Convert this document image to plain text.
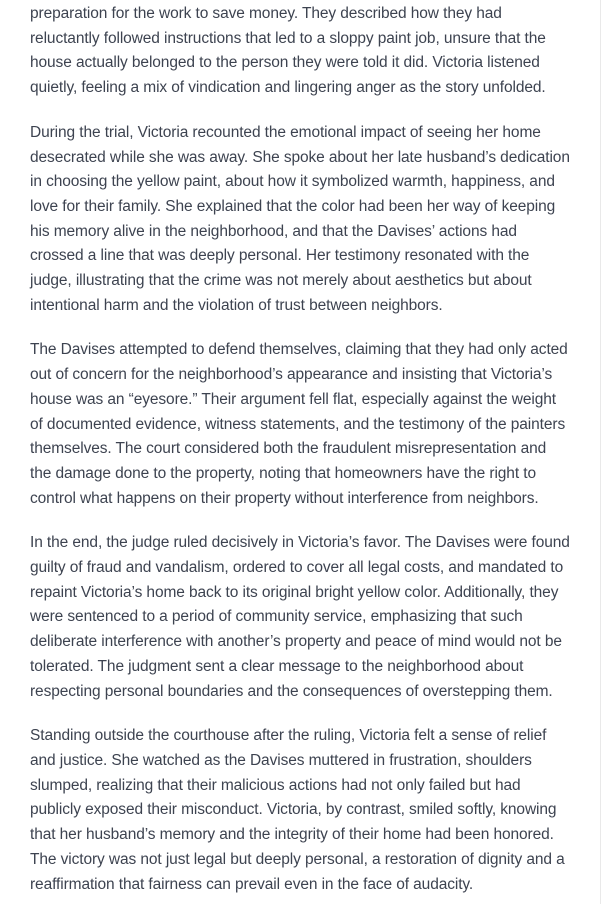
preparation for the work to save money. They described how they had reluctantly followed instructions that led to a sloppy paint job, unsure that the house actually belonged to the person they were told it did. Victoria listened quietly, feeling a mix of vindication and lingering anger as the story unfolded.

During the trial, Victoria recounted the emotional impact of seeing her home desecrated while she was away. She spoke about her late husband’s dedication in choosing the yellow paint, about how it symbolized warmth, happiness, and love for their family. She explained that the color had been her way of keeping his memory alive in the neighborhood, and that the Davises’ actions had crossed a line that was deeply personal. Her testimony resonated with the judge, illustrating that the crime was not merely about aesthetics but about intentional harm and the violation of trust between neighbors.

The Davises attempted to defend themselves, claiming that they had only acted out of concern for the neighborhood’s appearance and insisting that Victoria’s house was an “eyesore.” Their argument fell flat, especially against the weight of documented evidence, witness statements, and the testimony of the painters themselves. The court considered both the fraudulent misrepresentation and the damage done to the property, noting that homeowners have the right to control what happens on their property without interference from neighbors.

In the end, the judge ruled decisively in Victoria’s favor. The Davises were found guilty of fraud and vandalism, ordered to cover all legal costs, and mandated to repaint Victoria’s home back to its original bright yellow color. Additionally, they were sentenced to a period of community service, emphasizing that such deliberate interference with another’s property and peace of mind would not be tolerated. The judgment sent a clear message to the neighborhood about respecting personal boundaries and the consequences of overstepping them.

Standing outside the courthouse after the ruling, Victoria felt a sense of relief and justice. She watched as the Davises muttered in frustration, shoulders slumped, realizing that their malicious actions had not only failed but had publicly exposed their misconduct. Victoria, by contrast, smiled softly, knowing that her husband’s memory and the integrity of their home had been honored. The victory was not just legal but deeply personal, a restoration of dignity and a reaffirmation that fairness can prevail even in the face of audacity.
